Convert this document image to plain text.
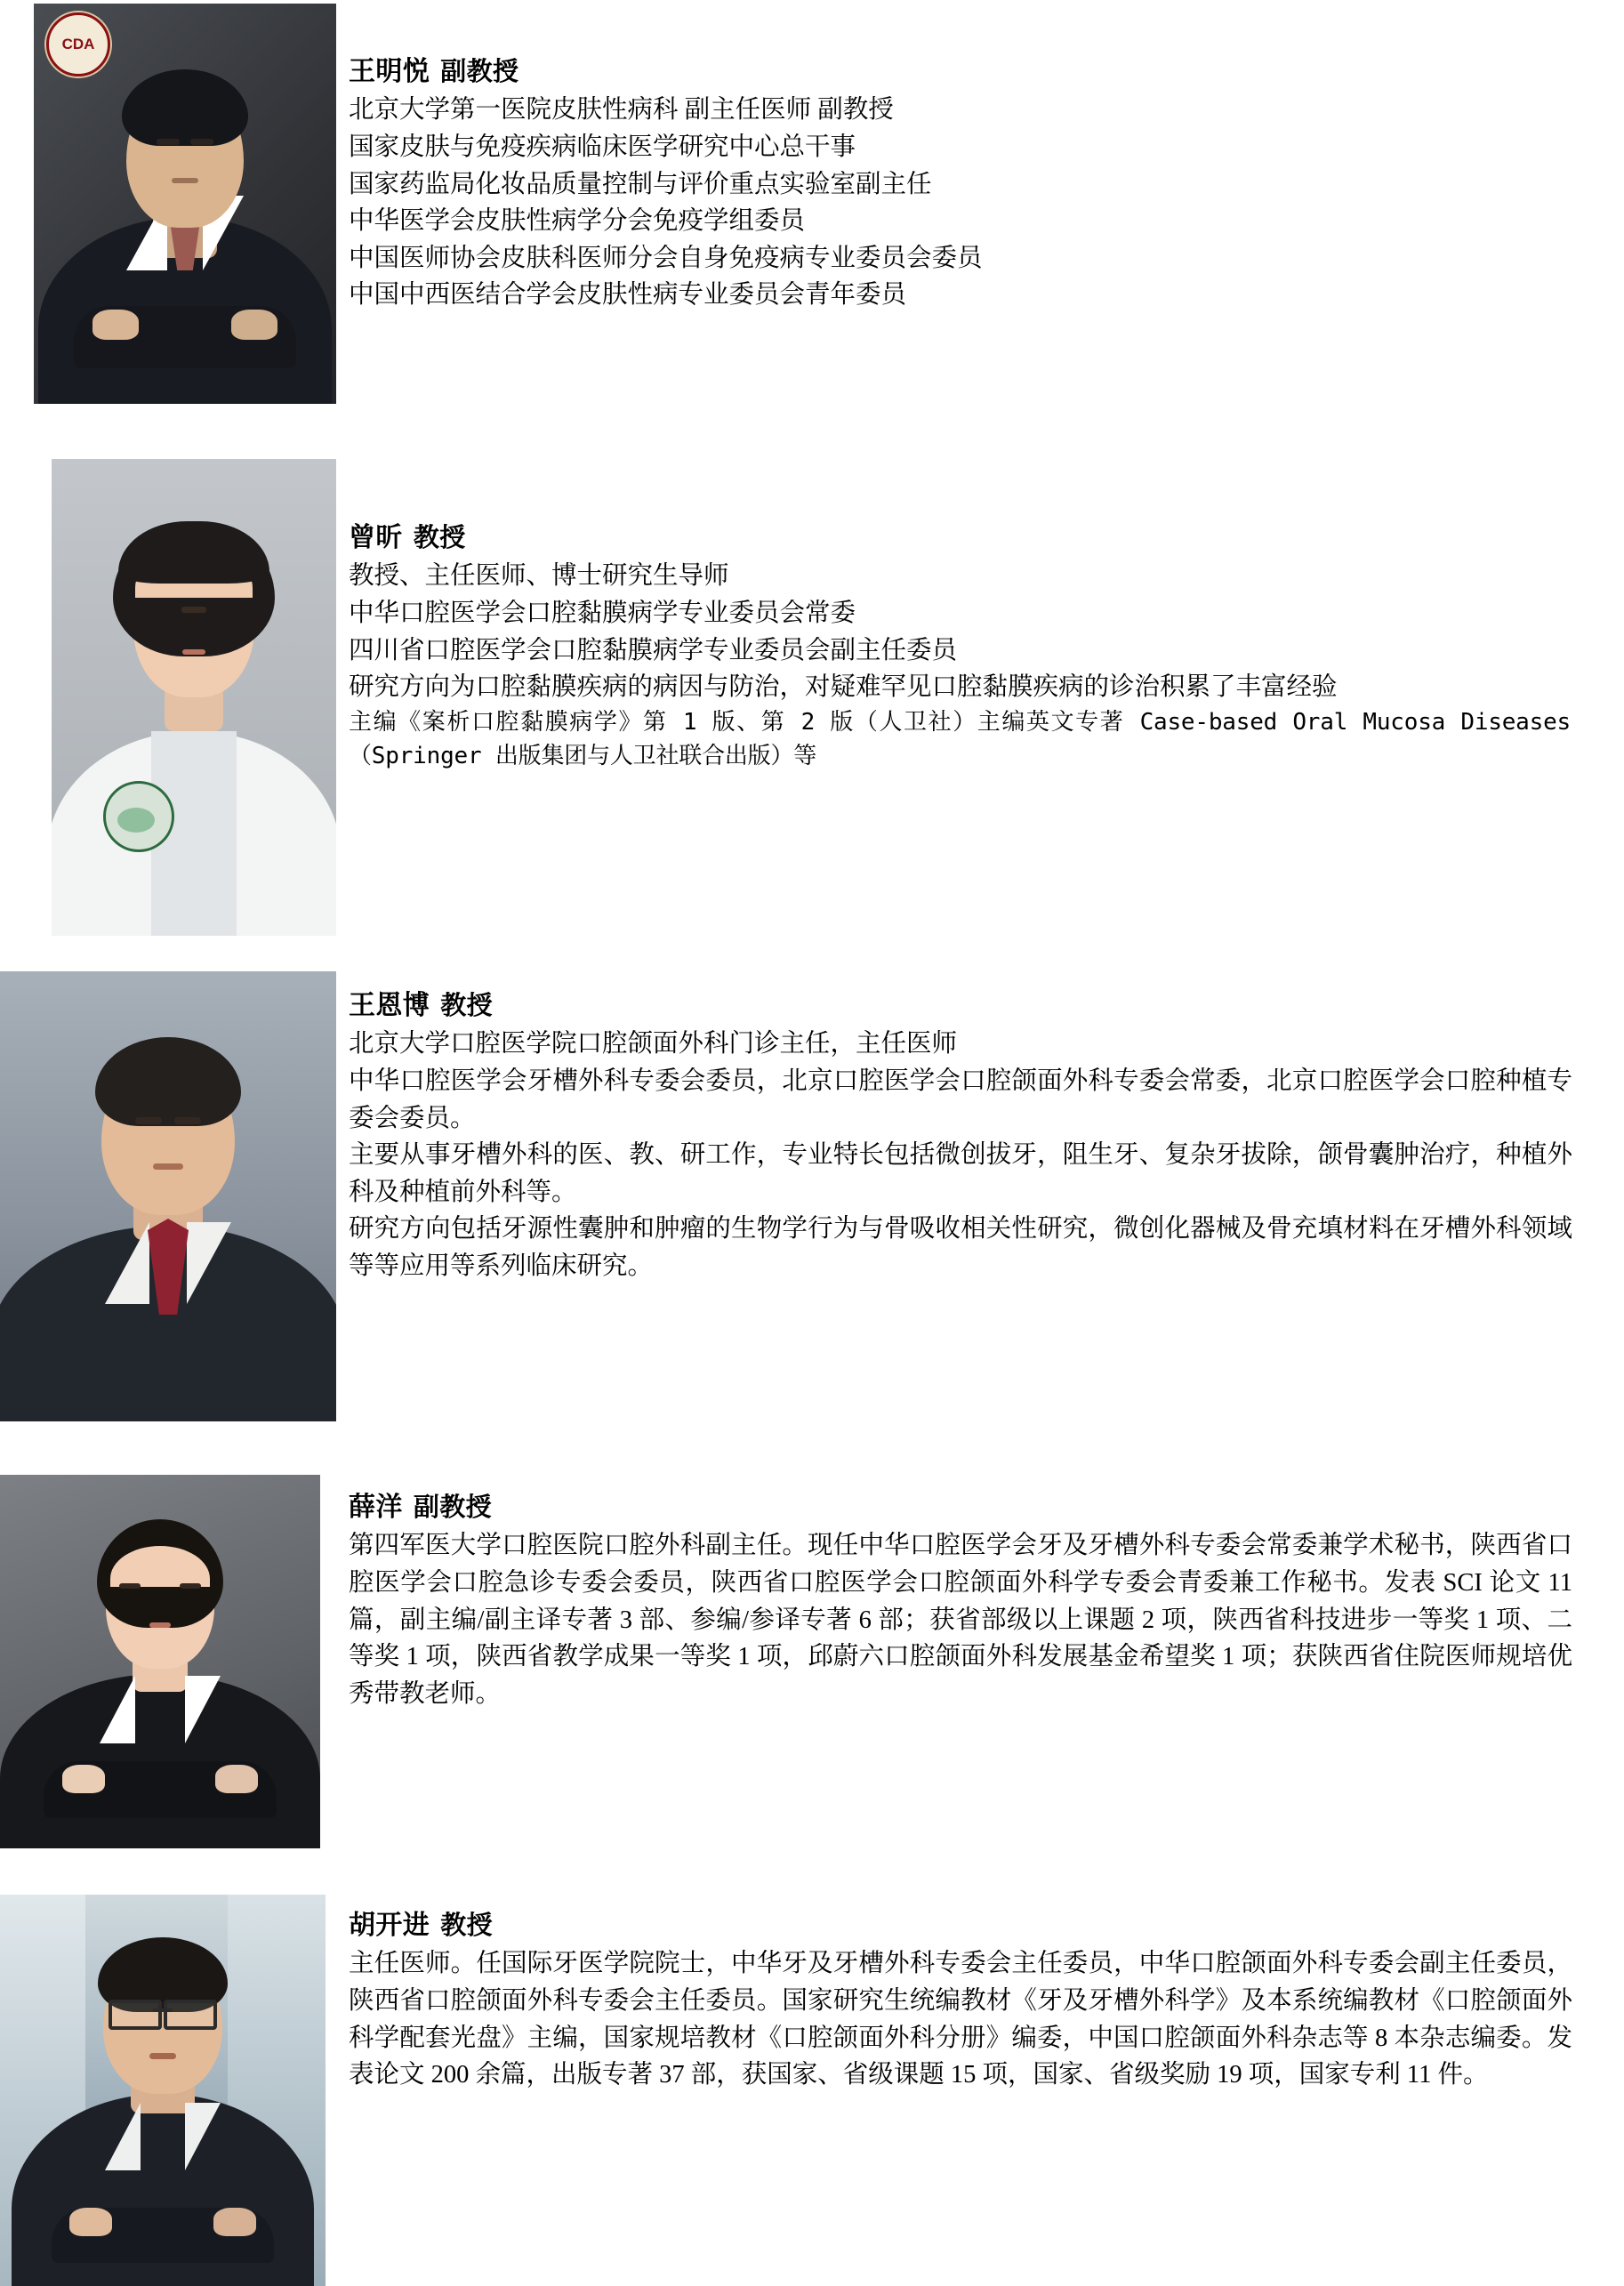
CDA
王明悦 副教授

北京大学第一医院皮肤性病科 副主任医师 副教授

国家皮肤与免疫疾病临床医学研究中心总干事

国家药监局化妆品质量控制与评价重点实验室副主任

中华医学会皮肤性病学分会免疫学组委员

中国医师协会皮肤科医师分会自身免疫病专业委员会委员

中国中西医结合学会皮肤性病专业委员会青年委员

曾昕 教授

教授、主任医师、博士研究生导师

中华口腔医学会口腔黏膜病学专业委员会常委

四川省口腔医学会口腔黏膜病学专业委员会副主任委员

研究方向为口腔黏膜疾病的病因与防治，对疑难罕见口腔黏膜疾病的诊治积累了丰富经验

主编《案析口腔黏膜病学》第 1 版、第 2 版（人卫社）主编英文专著 Case-based Oral Mucosa Diseases（Springer 出版集团与人卫社联合出版）等

王恩博 教授

北京大学口腔医学院口腔颌面外科门诊主任，主任医师

中华口腔医学会牙槽外科专委会委员，北京口腔医学会口腔颌面外科专委会常委，北京口腔医学会口腔种植专委会委员。

主要从事牙槽外科的医、教、研工作，专业特长包括微创拔牙，阻生牙、复杂牙拔除，颌骨囊肿治疗，种植外科及种植前外科等。

研究方向包括牙源性囊肿和肿瘤的生物学行为与骨吸收相关性研究，微创化器械及骨充填材料在牙槽外科领域等等应用等系列临床研究。

薛洋 副教授

第四军医大学口腔医院口腔外科副主任。现任中华口腔医学会牙及牙槽外科专委会常委兼学术秘书，陕西省口腔医学会口腔急诊专委会委员，陕西省口腔医学会口腔颌面外科学专委会青委兼工作秘书。发表 SCI 论文 11 篇，副主编/副主译专著 3 部、参编/参译专著 6 部；获省部级以上课题 2 项，陕西省科技进步一等奖 1 项、二等奖 1 项，陕西省教学成果一等奖 1 项，邱蔚六口腔颌面外科发展基金希望奖 1 项；获陕西省住院医师规培优秀带教老师。

胡开进 教授

主任医师。任国际牙医学院院士，中华牙及牙槽外科专委会主任委员，中华口腔颌面外科专委会副主任委员，陕西省口腔颌面外科专委会主任委员。国家研究生统编教材《牙及牙槽外科学》及本系统编教材《口腔颌面外科学配套光盘》主编，国家规培教材《口腔颌面外科分册》编委，中国口腔颌面外科杂志等 8 本杂志编委。发表论文 200 余篇，出版专著 37 部，获国家、省级课题 15 项，国家、省级奖励 19 项，国家专利 11 件。
